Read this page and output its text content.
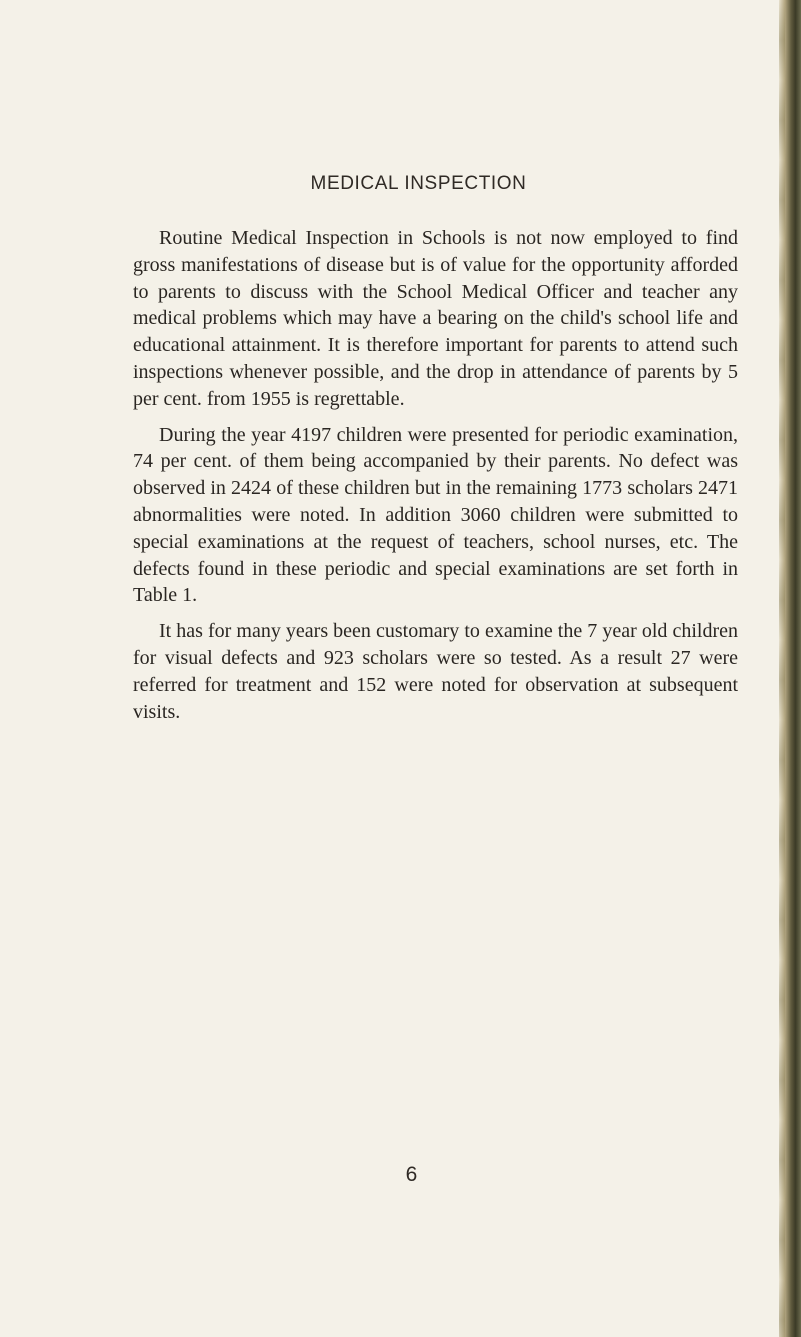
MEDICAL INSPECTION

Routine Medical Inspection in Schools is not now employed to find gross manifestations of disease but is of value for the opportunity afforded to parents to discuss with the School Medical Officer and teacher any medical problems which may have a bearing on the child's school life and educational attainment. It is therefore important for parents to attend such inspections whenever possible, and the drop in attendance of parents by 5 per cent. from 1955 is regrettable.

During the year 4197 children were presented for periodic examination, 74 per cent. of them being accompanied by their parents. No defect was observed in 2424 of these children but in the remaining 1773 scholars 2471 abnormalities were noted. In addition 3060 children were submitted to special examinations at the request of teachers, school nurses, etc. The defects found in these periodic and special examinations are set forth in Table 1.

It has for many years been customary to examine the 7 year old children for visual defects and 923 scholars were so tested. As a result 27 were referred for treatment and 152 were noted for observation at subsequent visits.

6
